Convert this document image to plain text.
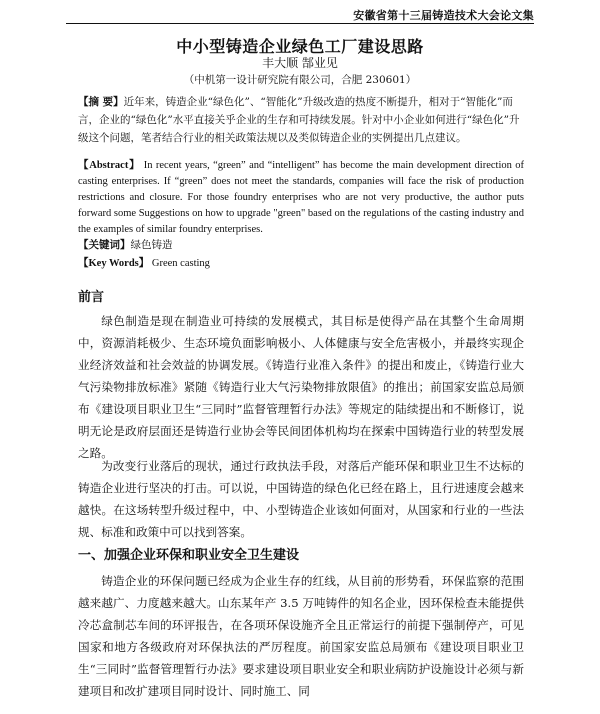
安徽省第十三届铸造技术大会论文集
中小型铸造企业绿色工厂建设思路
丰大顺 郜业见
（中机第一设计研究院有限公司，合肥 230601）
【摘 要】近年来，铸造企业“绿色化”、“智能化”升级改造的热度不断提升，相对于“智能化”而言，企业的“绿色化”水平直接关乎企业的生存和可持续发展。针对中小企业如何进行“绿色化”升级这个问题，笔者结合行业的相关政策法规以及类似铸造企业的实例提出几点建议。
【Abstract】 In recent years, “green” and “intelligent” has become the main development direction of casting enterprises. If “green” does not meet the standards, companies will face the risk of production restrictions and closure. For those foundry enterprises who are not very productive, the author puts forward some Suggestions on how to upgrade "green" based on the regulations of the casting industry and the examples of similar foundry enterprises.
【关键词】绿色铸造
【Key Words】 Green casting
前言

绿色制造是现在制造业可持续的发展模式，其目标是使得产品在其整个生命周期中，资源消耗极少、生态环境负面影响极小、人体健康与安全危害极小，并最终实现企业经济效益和社会效益的协调发展。《铸造行业准入条件》的提出和废止，《铸造行业大气污染物排放标准》紧随《铸造行业大气污染物排放限值》的推出；前国家安监总局颁布《建设项目职业卫生“三同时”监督管理暂行办法》等规定的陆续提出和不断修订，说明无论是政府层面还是铸造行业协会等民间团体机构均在探索中国铸造行业的转型发展之路。

为改变行业落后的现状，通过行政执法手段，对落后产能环保和职业卫生不达标的铸造企业进行坚决的打击。可以说，中国铸造的绿色化已经在路上，且行进速度会越来越快。在这场转型升级过程中，中、小型铸造企业该如何面对，从国家和行业的一些法规、标准和政策中可以找到答案。

一、加强企业环保和职业安全卫生建设

铸造企业的环保问题已经成为企业生存的红线，从目前的形势看，环保监察的范围越来越广、力度越来越大。山东某年产 3.5 万吨铸件的知名企业，因环保检查未能提供冷芯盒制芯车间的环评报告，在各项环保设施齐全且正常运行的前提下强制停产，可见国家和地方各级政府对环保执法的严厉程度。前国家安监总局颁布《建设项目职业卫生“三同时”监督管理暂行办法》要求建设项目职业安全和职业病防护设施设计必须与新建项目和改扩建项目同时设计、同时施工、同
